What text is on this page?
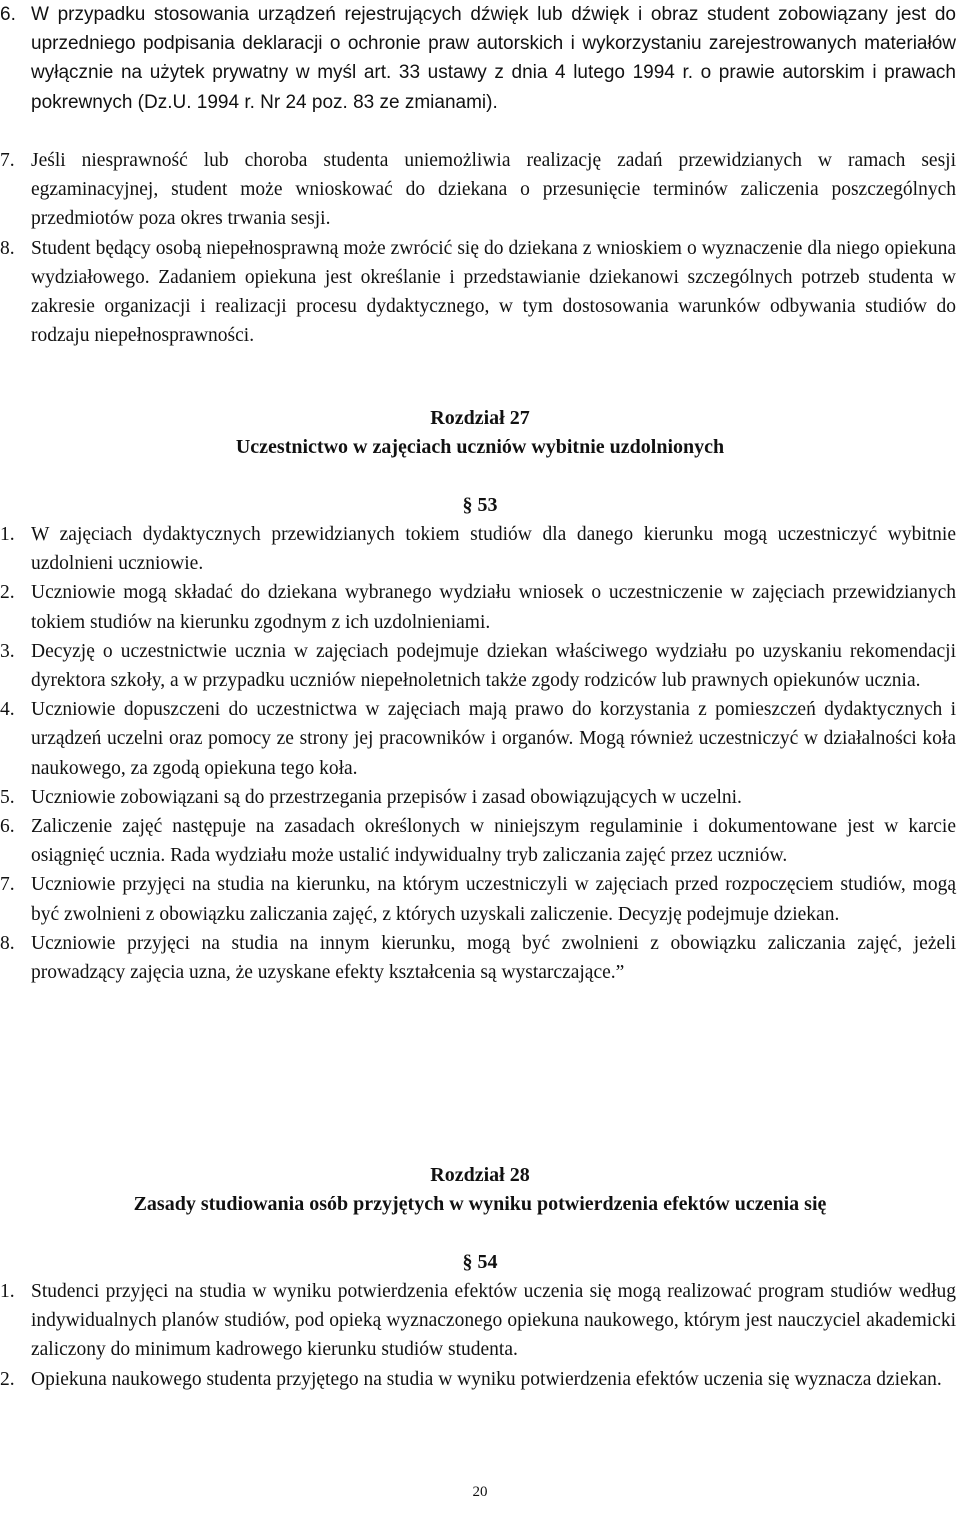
6. W przypadku stosowania urządzeń rejestrujących dźwięk lub dźwięk i obraz student zobowiązany jest do uprzedniego podpisania deklaracji o ochronie praw autorskich i wykorzystaniu zarejestrowanych materiałów wyłącznie na użytek prywatny w myśl art. 33 ustawy z dnia 4 lutego 1994 r. o prawie autorskim i prawach pokrewnych (Dz.U. 1994 r. Nr 24 poz. 83 ze zmianami).
7. Jeśli niesprawność lub choroba studenta uniemożliwia realizację zadań przewidzianych w ramach sesji egzaminacyjnej, student może wnioskować do dziekana o przesunięcie terminów zaliczenia poszczególnych przedmiotów poza okres trwania sesji.
8. Student będący osobą niepełnosprawną może zwrócić się do dziekana z wnioskiem o wyznaczenie dla niego opiekuna wydziałowego. Zadaniem opiekuna jest określanie i przedstawianie dziekanowi szczególnych potrzeb studenta w zakresie organizacji i realizacji procesu dydaktycznego, w tym dostosowania warunków odbywania studiów do rodzaju niepełnosprawności.
Rozdział 27
Uczestnictwo w zajęciach uczniów wybitnie uzdolnionych
§ 53
1. W zajęciach dydaktycznych przewidzianych tokiem studiów dla danego kierunku mogą uczestniczyć wybitnie uzdolnieni uczniowie.
2. Uczniowie mogą składać do dziekana wybranego wydziału wniosek o uczestniczenie w zajęciach przewidzianych tokiem studiów na kierunku zgodnym z ich uzdolnieniami.
3. Decyzję o uczestnictwie ucznia w zajęciach podejmuje dziekan właściwego wydziału po uzyskaniu rekomendacji dyrektora szkoły, a w przypadku uczniów niepełnoletnich także zgody rodziców lub prawnych opiekunów ucznia.
4. Uczniowie dopuszczeni do uczestnictwa w zajęciach mają prawo do korzystania z pomieszczeń dydaktycznych i urządzeń uczelni oraz pomocy ze strony jej pracowników i organów. Mogą również uczestniczyć w działalności koła naukowego, za zgodą opiekuna tego koła.
5. Uczniowie zobowiązani są do przestrzegania przepisów i zasad obowiązujących w uczelni.
6. Zaliczenie zajęć następuje na zasadach określonych w niniejszym regulaminie i dokumentowane jest w karcie osiągnięć ucznia. Rada wydziału może ustalić indywidualny tryb zaliczania zajęć przez uczniów.
7. Uczniowie przyjęci na studia na kierunku, na którym uczestniczyli w zajęciach przed rozpoczęciem studiów, mogą być zwolnieni z obowiązku zaliczania zajęć, z których uzyskali zaliczenie. Decyzję podejmuje dziekan.
8. Uczniowie przyjęci na studia na innym kierunku, mogą być zwolnieni z obowiązku zaliczania zajęć, jeżeli prowadzący zajęcia uzna, że uzyskane efekty kształcenia są wystarczające.”
Rozdział 28
Zasady studiowania osób przyjętych w wyniku potwierdzenia efektów uczenia się
§ 54
1. Studenci przyjęci na studia w wyniku potwierdzenia efektów uczenia się mogą realizować program studiów według indywidualnych planów studiów, pod opieką wyznaczonego opiekuna naukowego, którym jest nauczyciel akademicki zaliczony do minimum kadrowego kierunku studiów studenta.
2. Opiekuna naukowego studenta przyjętego na studia w wyniku potwierdzenia efektów uczenia się wyznacza dziekan.
20
